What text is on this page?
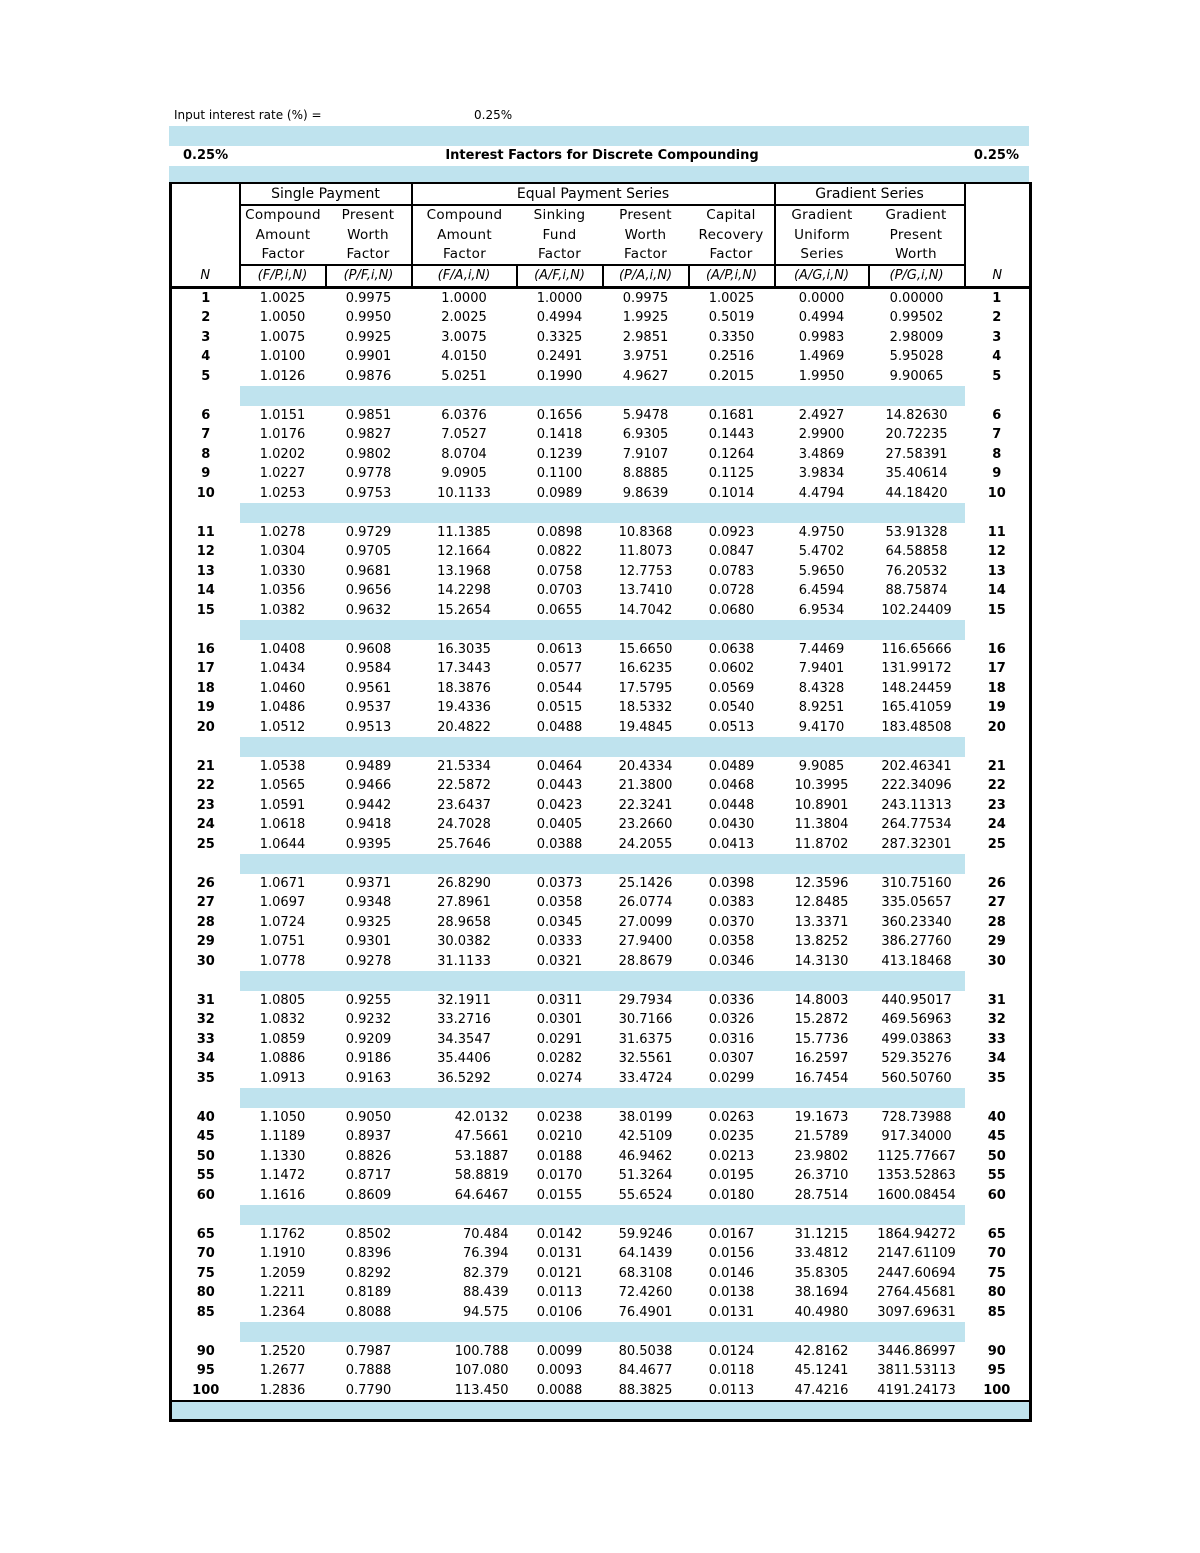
Input interest rate (%) =	0.25%
0.25%	Interest Factors for Discrete Compounding	0.25%
	Single Payment		Equal Payment Series				Gradient Series		
	Compound	Present	Compound	Sinking	Present	Capital	Gradient	Gradient	
	Amount	Worth	Amount	Fund	Worth	Recovery	Uniform	Present	
	Factor	Factor	Factor	Factor	Factor	Factor	Series	Worth	
N	(F/P,i,N)	(P/F,i,N)	(F/A,i,N)	(A/F,i,N)	(P/A,i,N)	(A/P,i,N)	(A/G,i,N)	(P/G,i,N)	N
1	1.0025	0.9975	1.0000	1.0000	0.9975	1.0025	0.0000	0.00000	1
2	1.0050	0.9950	2.0025	0.4994	1.9925	0.5019	0.4994	0.99502	2
3	1.0075	0.9925	3.0075	0.3325	2.9851	0.3350	0.9983	2.98009	3
4	1.0100	0.9901	4.0150	0.2491	3.9751	0.2516	1.4969	5.95028	4
5	1.0126	0.9876	5.0251	0.1990	4.9627	0.2015	1.9950	9.90065	5

6	1.0151	0.9851	6.0376	0.1656	5.9478	0.1681	2.4927	14.82630	6
7	1.0176	0.9827	7.0527	0.1418	6.9305	0.1443	2.9900	20.72235	7
8	1.0202	0.9802	8.0704	0.1239	7.9107	0.1264	3.4869	27.58391	8
9	1.0227	0.9778	9.0905	0.1100	8.8885	0.1125	3.9834	35.40614	9
10	1.0253	0.9753	10.1133	0.0989	9.8639	0.1014	4.4794	44.18420	10

11	1.0278	0.9729	11.1385	0.0898	10.8368	0.0923	4.9750	53.91328	11
12	1.0304	0.9705	12.1664	0.0822	11.8073	0.0847	5.4702	64.58858	12
13	1.0330	0.9681	13.1968	0.0758	12.7753	0.0783	5.9650	76.20532	13
14	1.0356	0.9656	14.2298	0.0703	13.7410	0.0728	6.4594	88.75874	14
15	1.0382	0.9632	15.2654	0.0655	14.7042	0.0680	6.9534	102.24409	15

16	1.0408	0.9608	16.3035	0.0613	15.6650	0.0638	7.4469	116.65666	16
17	1.0434	0.9584	17.3443	0.0577	16.6235	0.0602	7.9401	131.99172	17
18	1.0460	0.9561	18.3876	0.0544	17.5795	0.0569	8.4328	148.24459	18
19	1.0486	0.9537	19.4336	0.0515	18.5332	0.0540	8.9251	165.41059	19
20	1.0512	0.9513	20.4822	0.0488	19.4845	0.0513	9.4170	183.48508	20

21	1.0538	0.9489	21.5334	0.0464	20.4334	0.0489	9.9085	202.46341	21
22	1.0565	0.9466	22.5872	0.0443	21.3800	0.0468	10.3995	222.34096	22
23	1.0591	0.9442	23.6437	0.0423	22.3241	0.0448	10.8901	243.11313	23
24	1.0618	0.9418	24.7028	0.0405	23.2660	0.0430	11.3804	264.77534	24
25	1.0644	0.9395	25.7646	0.0388	24.2055	0.0413	11.8702	287.32301	25

26	1.0671	0.9371	26.8290	0.0373	25.1426	0.0398	12.3596	310.75160	26
27	1.0697	0.9348	27.8961	0.0358	26.0774	0.0383	12.8485	335.05657	27
28	1.0724	0.9325	28.9658	0.0345	27.0099	0.0370	13.3371	360.23340	28
29	1.0751	0.9301	30.0382	0.0333	27.9400	0.0358	13.8252	386.27760	29
30	1.0778	0.9278	31.1133	0.0321	28.8679	0.0346	14.3130	413.18468	30

31	1.0805	0.9255	32.1911	0.0311	29.7934	0.0336	14.8003	440.95017	31
32	1.0832	0.9232	33.2716	0.0301	30.7166	0.0326	15.2872	469.56963	32
33	1.0859	0.9209	34.3547	0.0291	31.6375	0.0316	15.7736	499.03863	33
34	1.0886	0.9186	35.4406	0.0282	32.5561	0.0307	16.2597	529.35276	34
35	1.0913	0.9163	36.5292	0.0274	33.4724	0.0299	16.7454	560.50760	35

40	1.1050	0.9050	42.0132	0.0238	38.0199	0.0263	19.1673	728.73988	40
45	1.1189	0.8937	47.5661	0.0210	42.5109	0.0235	21.5789	917.34000	45
50	1.1330	0.8826	53.1887	0.0188	46.9462	0.0213	23.9802	1125.77667	50
55	1.1472	0.8717	58.8819	0.0170	51.3264	0.0195	26.3710	1353.52863	55
60	1.1616	0.8609	64.6467	0.0155	55.6524	0.0180	28.7514	1600.08454	60

65	1.1762	0.8502	70.484	0.0142	59.9246	0.0167	31.1215	1864.94272	65
70	1.1910	0.8396	76.394	0.0131	64.1439	0.0156	33.4812	2147.61109	70
75	1.2059	0.8292	82.379	0.0121	68.3108	0.0146	35.8305	2447.60694	75
80	1.2211	0.8189	88.439	0.0113	72.4260	0.0138	38.1694	2764.45681	80
85	1.2364	0.8088	94.575	0.0106	76.4901	0.0131	40.4980	3097.69631	85

90	1.2520	0.7987	100.788	0.0099	80.5038	0.0124	42.8162	3446.86997	90
95	1.2677	0.7888	107.080	0.0093	84.4677	0.0118	45.1241	3811.53113	95
100	1.2836	0.7790	113.450	0.0088	88.3825	0.0113	47.4216	4191.24173	100
